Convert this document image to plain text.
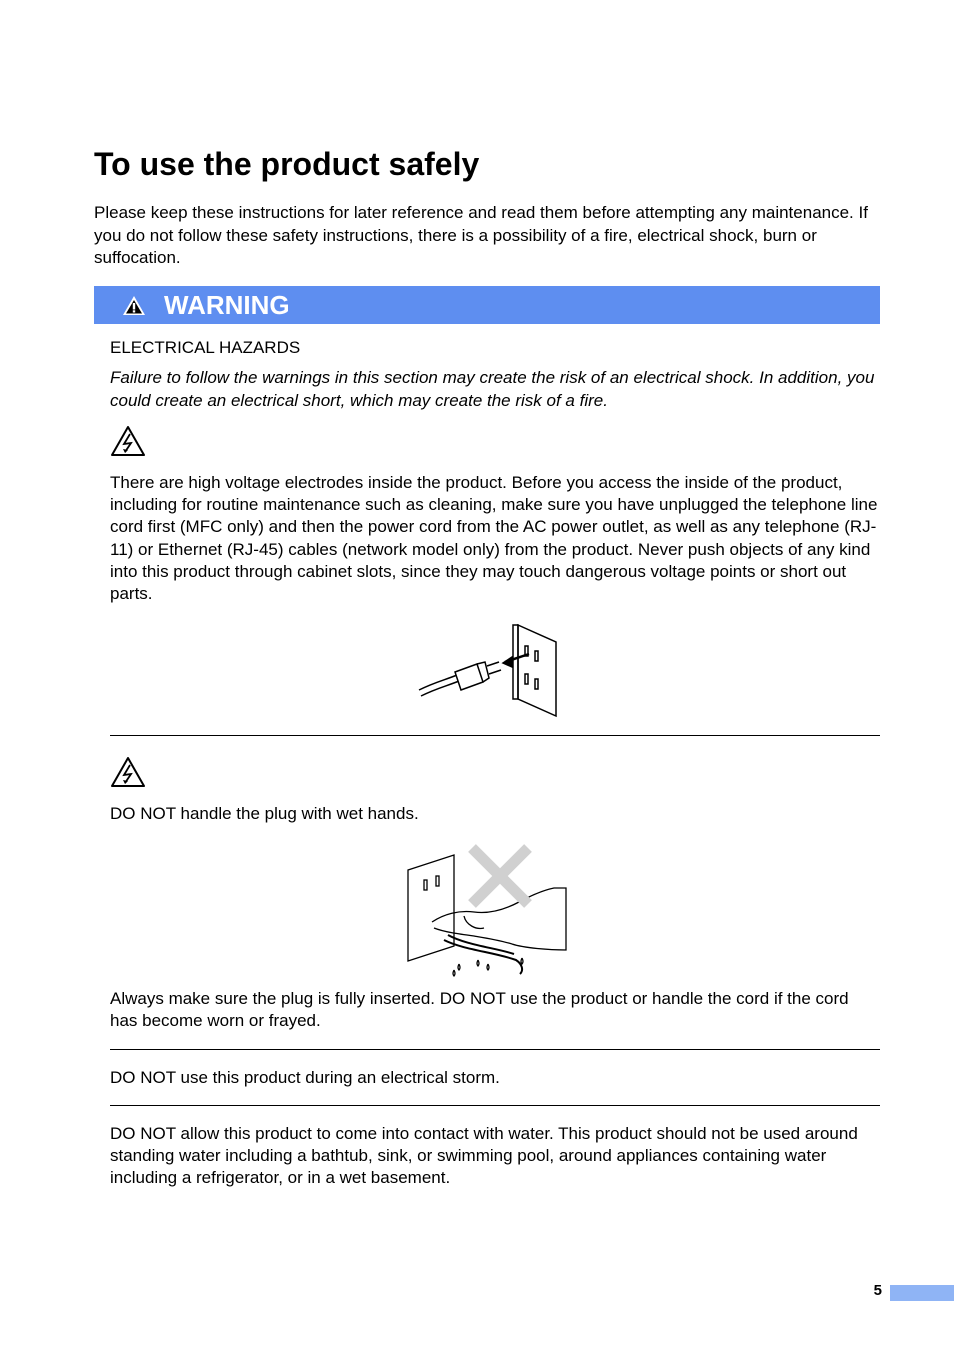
To use the product safely

Please keep these instructions for later reference and read them before attempting any maintenance. If you do not follow these safety instructions, there is a possibility of a fire, electrical shock, burn or suffocation.

WARNING

ELECTRICAL HAZARDS

Failure to follow the warnings in this section may create the risk of an electrical shock. In addition, you could create an electrical short, which may create the risk of a fire.

There are high voltage electrodes inside the product. Before you access the inside of the product, including for routine maintenance such as cleaning, make sure you have unplugged the telephone line cord first (MFC only) and then the power cord from the AC power outlet, as well as any telephone (RJ-11) or Ethernet (RJ-45) cables (network model only) from the product. Never push objects of any kind into this product through cabinet slots, since they may touch dangerous voltage points or short out parts.

DO NOT handle the plug with wet hands.

Always make sure the plug is fully inserted. DO NOT use the product or handle the cord if the cord has become worn or frayed.

DO NOT use this product during an electrical storm.

DO NOT allow this product to come into contact with water. This product should not be used around standing water including a bathtub, sink, or swimming pool, around appliances containing water including a refrigerator, or in a wet basement.

5
